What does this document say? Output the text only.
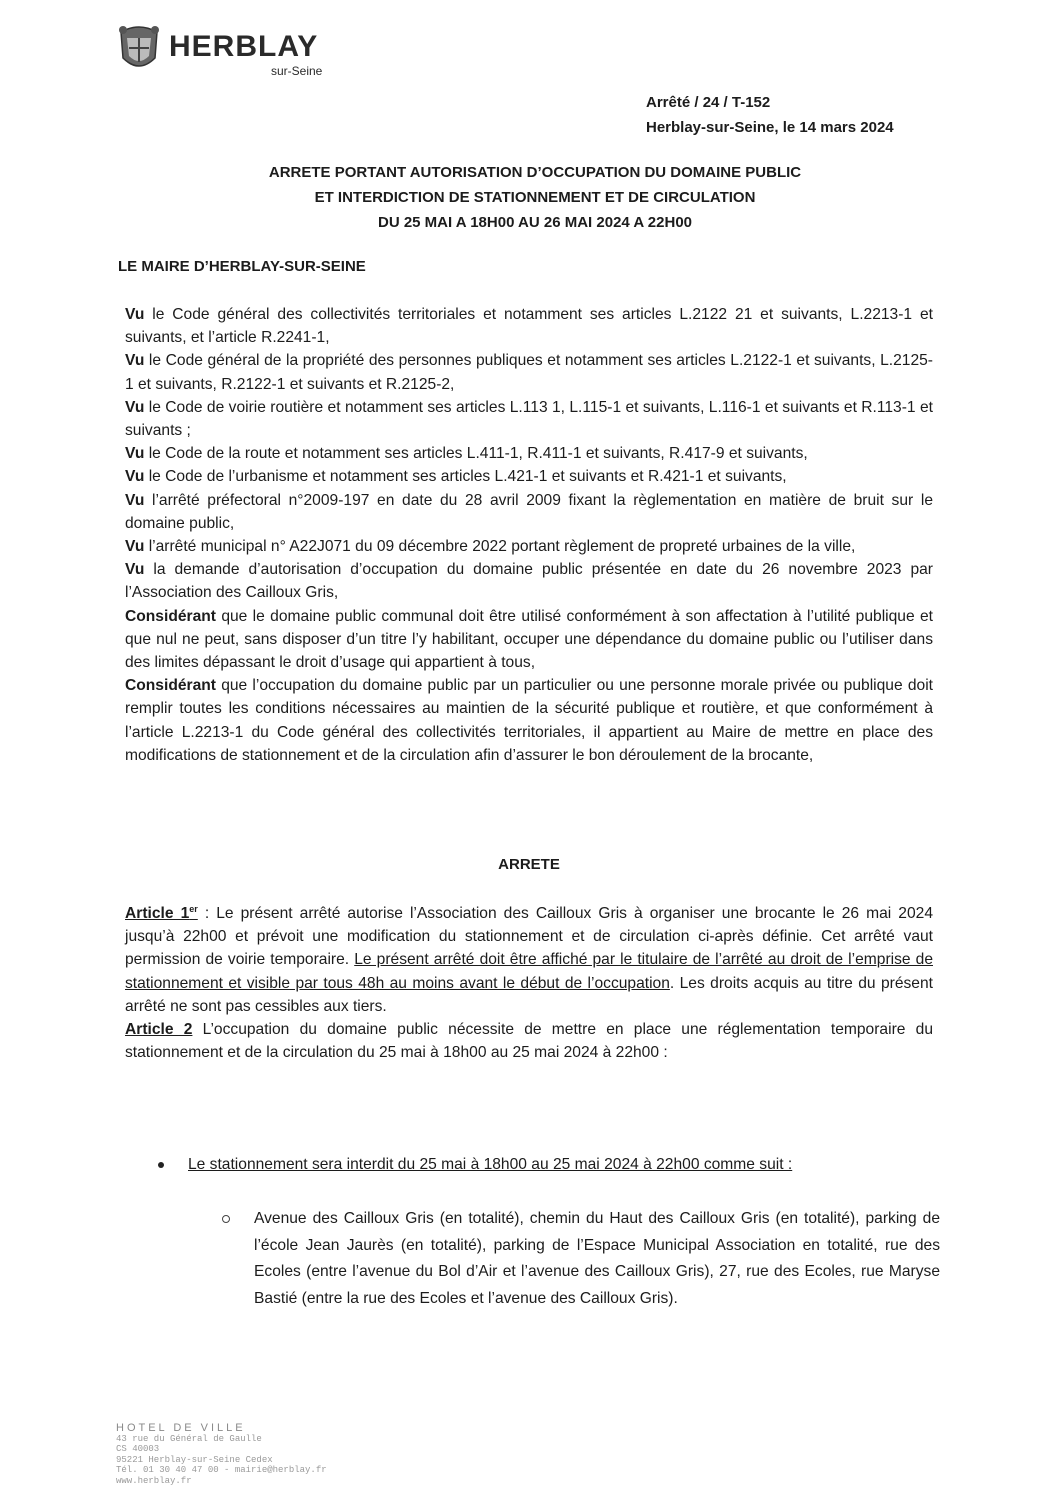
HERBLAY
sur-Seine
Arrêté / 24 / T-152
Herblay-sur-Seine, le 14 mars 2024
ARRETE PORTANT AUTORISATION D’OCCUPATION DU DOMAINE PUBLIC
ET INTERDICTION DE STATIONNEMENT ET DE CIRCULATION
DU 25 MAI A 18H00 AU 26 MAI 2024 A 22H00
LE MAIRE D’HERBLAY-SUR-SEINE

Vu le Code général des collectivités territoriales et notamment ses articles L.2122 21 et suivants, L.2213-1 et suivants, et l’article R.2241-1,

Vu le Code général de la propriété des personnes publiques et notamment ses articles L.2122-1 et suivants, L.2125-1 et suivants, R.2122-1 et suivants et R.2125-2,

Vu le Code de voirie routière et notamment ses articles L.113 1, L.115-1 et suivants, L.116-1 et suivants et R.113-1 et suivants ;

Vu le Code de la route et notamment ses articles L.411-1, R.411-1 et suivants, R.417-9 et suivants,

Vu le Code de l’urbanisme et notamment ses articles L.421-1 et suivants et R.421-1 et suivants,

Vu l’arrêté préfectoral n°2009-197 en date du 28 avril 2009 fixant la règlementation en matière de bruit sur le domaine public,

Vu l’arrêté municipal n° A22J071 du 09 décembre 2022 portant règlement de propreté urbaines de la ville,

Vu la demande d’autorisation d’occupation du domaine public présentée en date du 26 novembre 2023 par l’Association des Cailloux Gris,

Considérant que le domaine public communal doit être utilisé conformément à son affectation à l’utilité publique et que nul ne peut, sans disposer d’un titre l’y habilitant, occuper une dépendance du domaine public ou l’utiliser dans des limites dépassant le droit d’usage qui appartient à tous,

Considérant que l’occupation du domaine public par un particulier ou une personne morale privée ou publique doit remplir toutes les conditions nécessaires au maintien de la sécurité publique et routière, et que conformément à l’article L.2213-1 du Code général des collectivités territoriales, il appartient au Maire de mettre en place des modifications de stationnement et de la circulation afin d’assurer le bon déroulement de la brocante,

ARRETE

Article 1er : Le présent arrêté autorise l’Association des Cailloux Gris à organiser une brocante le 26 mai 2024 jusqu’à 22h00 et prévoit une modification du stationnement et de circulation ci-après définie. Cet arrêté vaut permission de voirie temporaire. Le présent arrêté doit être affiché par le titulaire de l’arrêté au droit de l’emprise de stationnement et visible par tous 48h au moins avant le début de l’occupation. Les droits acquis au titre du présent arrêté ne sont pas cessibles aux tiers.

Article 2 L’occupation du domaine public nécessite de mettre en place une réglementation temporaire du stationnement et de la circulation du 25 mai à 18h00 au 25 mai 2024 à 22h00 :

Le stationnement sera interdit du 25 mai à 18h00 au 25 mai 2024 à 22h00 comme suit :
Avenue des Cailloux Gris (en totalité), chemin du Haut des Cailloux Gris (en totalité), parking de l’école Jean Jaurès (en totalité), parking de l’Espace Municipal Association en totalité, rue des Ecoles (entre l’avenue du Bol d’Air et l’avenue des Cailloux Gris), 27, rue des Ecoles, rue Maryse Bastié (entre la rue des Ecoles et l’avenue des Cailloux Gris).
HOTEL DE VILLE
43 rue du Général de Gaulle
CS 40003
95221 Herblay-sur-Seine Cedex
Tél. 01 30 40 47 00 - mairie@herblay.fr
www.herblay.fr
